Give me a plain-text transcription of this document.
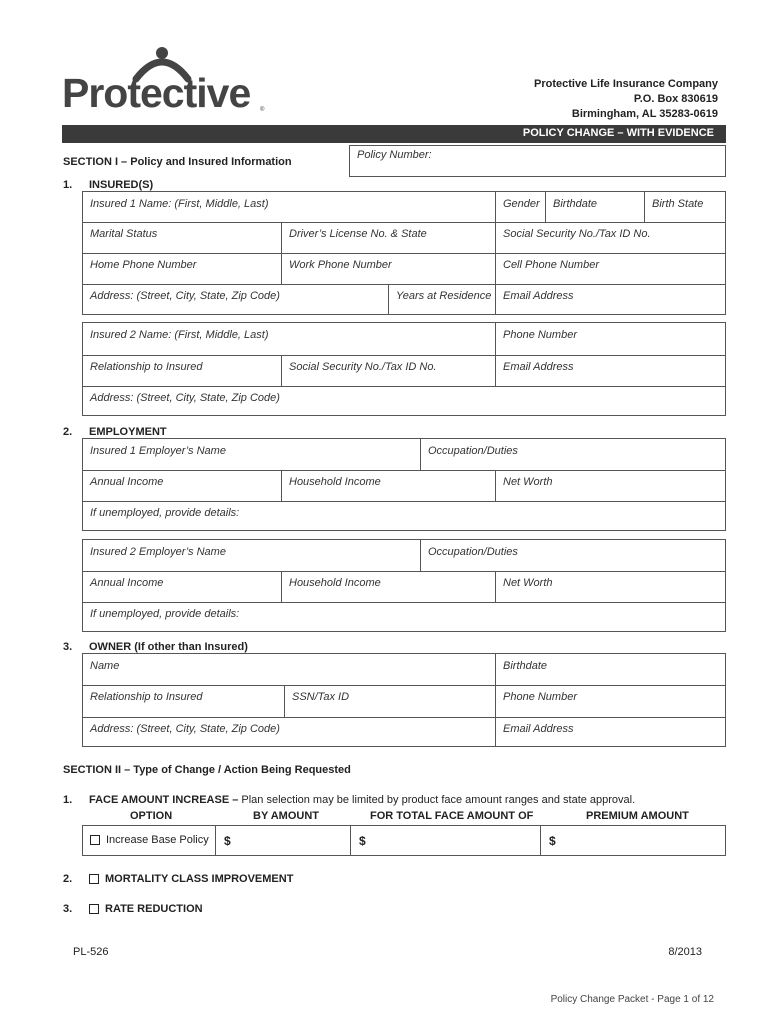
Protective ®
Protective Life Insurance Company
P.O. Box 830619
Birmingham, AL 35283-0619
POLICY CHANGE – WITH EVIDENCE
SECTION I – Policy and Insured Information
Policy Number:
1. INSURED(S)
Insured 1 Name: (First, Middle, Last)	Gender Birthdate	Birth State
Marital Status	Driver’s License No. & State	Social Security No./Tax ID No.
Home Phone Number	Work Phone Number	Cell Phone Number
Address: (Street, City, State, Zip Code)	Years at Residence Email Address
Insured 2 Name: (First, Middle, Last)	Phone Number
Relationship to Insured	Social Security No./Tax ID No.	Email Address
Address: (Street, City, State, Zip Code)
2. EMPLOYMENT
Insured 1 Employer’s Name	Occupation/Duties
Annual Income	Household Income	Net Worth
If unemployed, provide details:
Insured 2 Employer’s Name	Occupation/Duties
Annual Income	Household Income	Net Worth
If unemployed, provide details:
3. OWNER (If other than Insured)
Name	Birthdate
Relationship to Insured	SSN/Tax ID	Phone Number
Address: (Street, City, State, Zip Code)	Email Address
SECTION II – Type of Change / Action Being Requested
1. FACE AMOUNT INCREASE – Plan selection may be limited by product face amount ranges and state approval.
OPTION	BY AMOUNT	FOR TOTAL FACE AMOUNT OF	PREMIUM AMOUNT
Increase Base Policy $	$	$
2.	MORTALITY CLASS IMPROVEMENT
3.	RATE REDUCTION
PL-526	8/2013
Policy Change Packet - Page 1 of 12
